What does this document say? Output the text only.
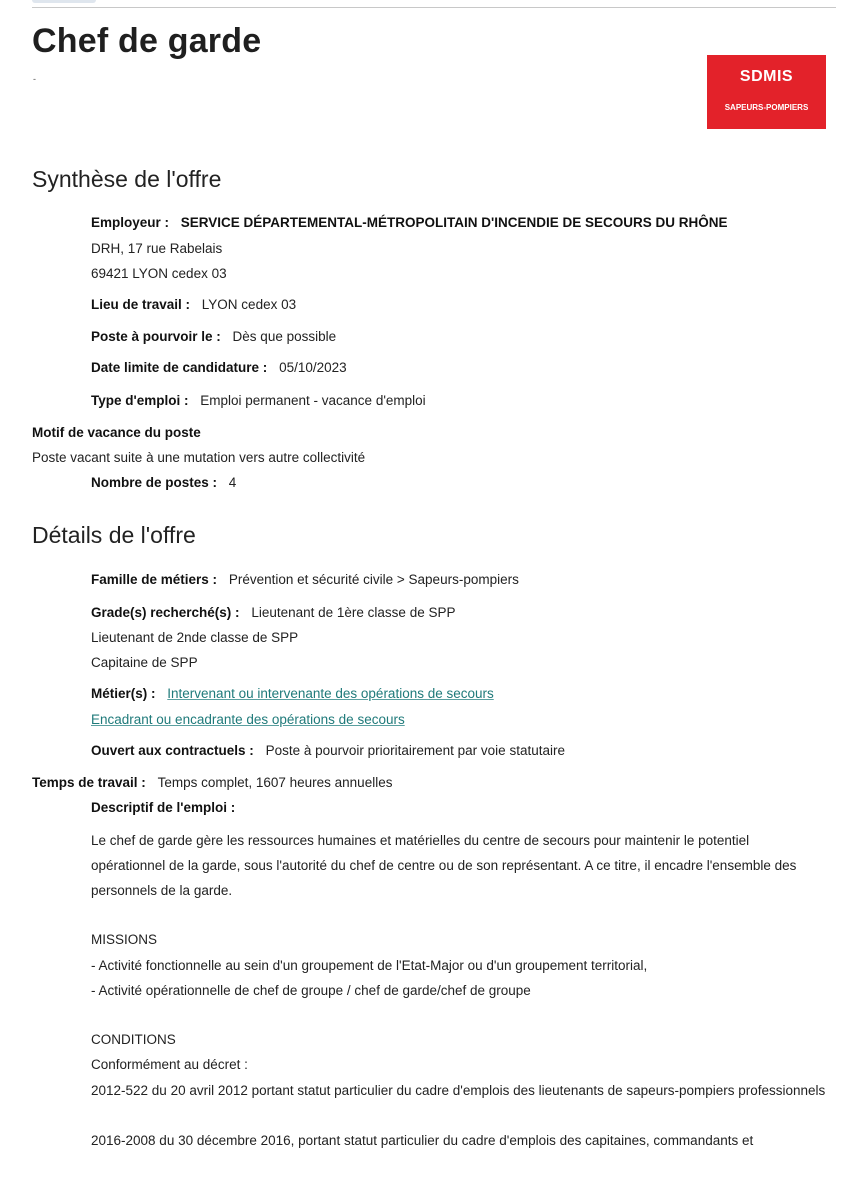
Chef de garde
-	SDMIS
SAPEURS-POMPIERS
Synthèse de l'offre
Employeur : SERVICE DÉPARTEMENTAL-MÉTROPOLITAIN D'INCENDIE DE SECOURS DU RHÔNE
DRH, 17 rue Rabelais
69421 LYON cedex 03
Lieu de travail : LYON cedex 03
Poste à pourvoir le : Dès que possible
Date limite de candidature : 05/10/2023
Type d'emploi : Emploi permanent - vacance d'emploi
Motif de vacance du poste
Poste vacant suite à une mutation vers autre collectivité
Nombre de postes : 4
Détails de l'offre
Famille de métiers : Prévention et sécurité civile > Sapeurs-pompiers
Grade(s) recherché(s) : Lieutenant de 1ère classe de SPP
Lieutenant de 2nde classe de SPP
Capitaine de SPP
Métier(s) : Intervenant ou intervenante des opérations de secours
Encadrant ou encadrante des opérations de secours
Ouvert aux contractuels : Poste à pourvoir prioritairement par voie statutaire
Temps de travail : Temps complet, 1607 heures annuelles
Descriptif de l'emploi :
Le chef de garde gère les ressources humaines et matérielles du centre de secours pour maintenir le potentiel opérationnel de la garde, sous l'autorité du chef de centre ou de son représentant. A ce titre, il encadre l'ensemble des personnels de la garde.
MISSIONS
- Activité fonctionnelle au sein d'un groupement de l'Etat-Major ou d'un groupement territorial,
- Activité opérationnelle de chef de groupe / chef de garde/chef de groupe
CONDITIONS
Conformément au décret :
2012-522 du 20 avril 2012 portant statut particulier du cadre d'emplois des lieutenants de sapeurs-pompiers professionnels
2016-2008 du 30 décembre 2016, portant statut particulier du cadre d'emplois des capitaines, commandants et
